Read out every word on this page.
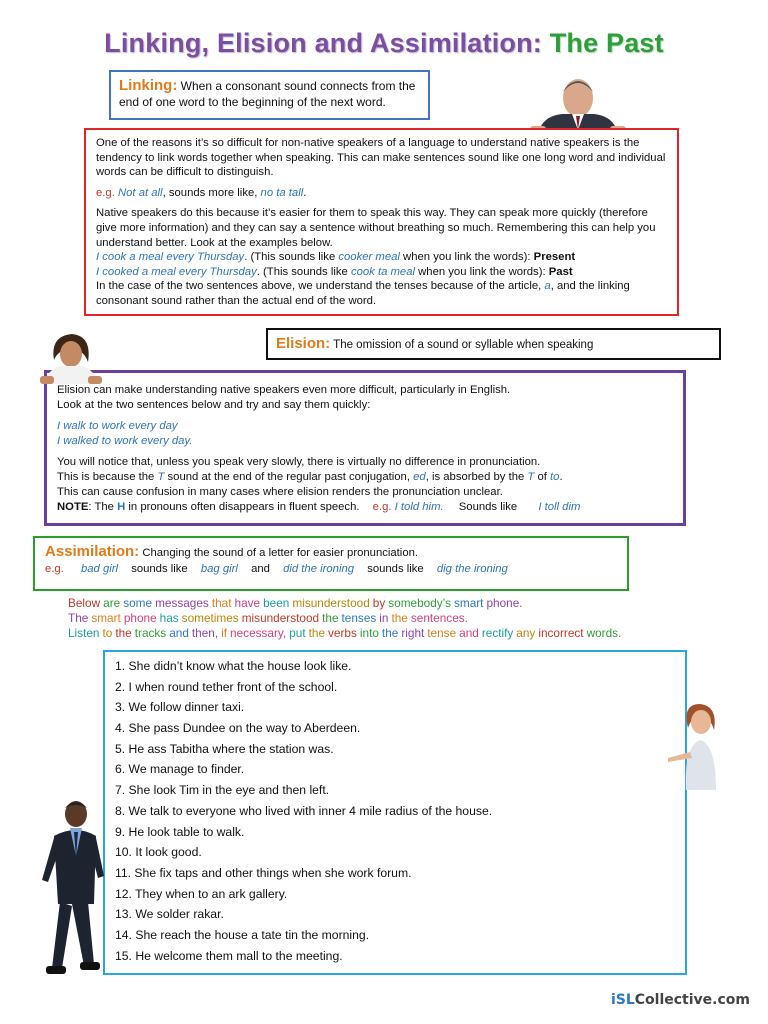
Linking, Elision and Assimilation: The Past
Linking: When a consonant sound connects from the end of one word to the beginning of the next word.

One of the reasons it’s so difficult for non-native speakers of a language to understand native speakers is the tendency to link words together when speaking. This can make sentences sound like one long word and individual words can be difficult to distinguish.

e.g. Not at all, sounds more like, no ta tall.

Native speakers do this because it’s easier for them to speak this way. They can speak more quickly (therefore give more information) and they can say a sentence without breathing so much. Remembering this can help you understand better. Look at the examples below.

I cook a meal every Thursday. (This sounds like cooker meal when you link the words): Present

I cooked a meal every Thursday. (This sounds like cook ta meal when you link the words): Past

In the case of the two sentences above, we understand the tenses because of the article, a, and the linking consonant sound rather than the actual end of the word.

Elision: The omission of a sound or syllable when speaking

Elision can make understanding native speakers even more difficult, particularly in English.

Look at the two sentences below and try and say them quickly:

I walk to work every day

I walked to work every day.

You will notice that, unless you speak very slowly, there is virtually no difference in pronunciation.

This is because the T sound at the end of the regular past conjugation, ed, is absorbed by the T of to.

This can cause confusion in many cases where elision renders the pronunciation unclear.

NOTE: The H in pronouns often disappears in fluent speech. e.g. I told him. Sounds like I toll dim

Assimilation: Changing the sound of a letter for easier pronunciation.

e.g. bad girl sounds like bag girl and did the ironing sounds like dig the ironing

Below are some messages that have been misunderstood by somebody’s smart phone.
The smart phone has sometimes misunderstood the tenses in the sentences.
Listen to the tracks and then, if necessary, put the verbs into the right tense and rectify any incorrect words.
1. She didn’t know what the house look like.
2. I when round tether front of the school.
3. We follow dinner taxi.
4. She pass Dundee on the way to Aberdeen.
5. He ass Tabitha where the station was.
6. We manage to finder.
7. She look Tim in the eye and then left.
8. We talk to everyone who lived with inner 4 mile radius of the house.
9. He look table to walk.
10. It look good.
11. She fix taps and other things when she work forum.
12. They when to an ark gallery.
13. We solder rakar.
14. She reach the house a tate tin the morning.
15. He welcome them mall to the meeting.
iSLCollective.com
